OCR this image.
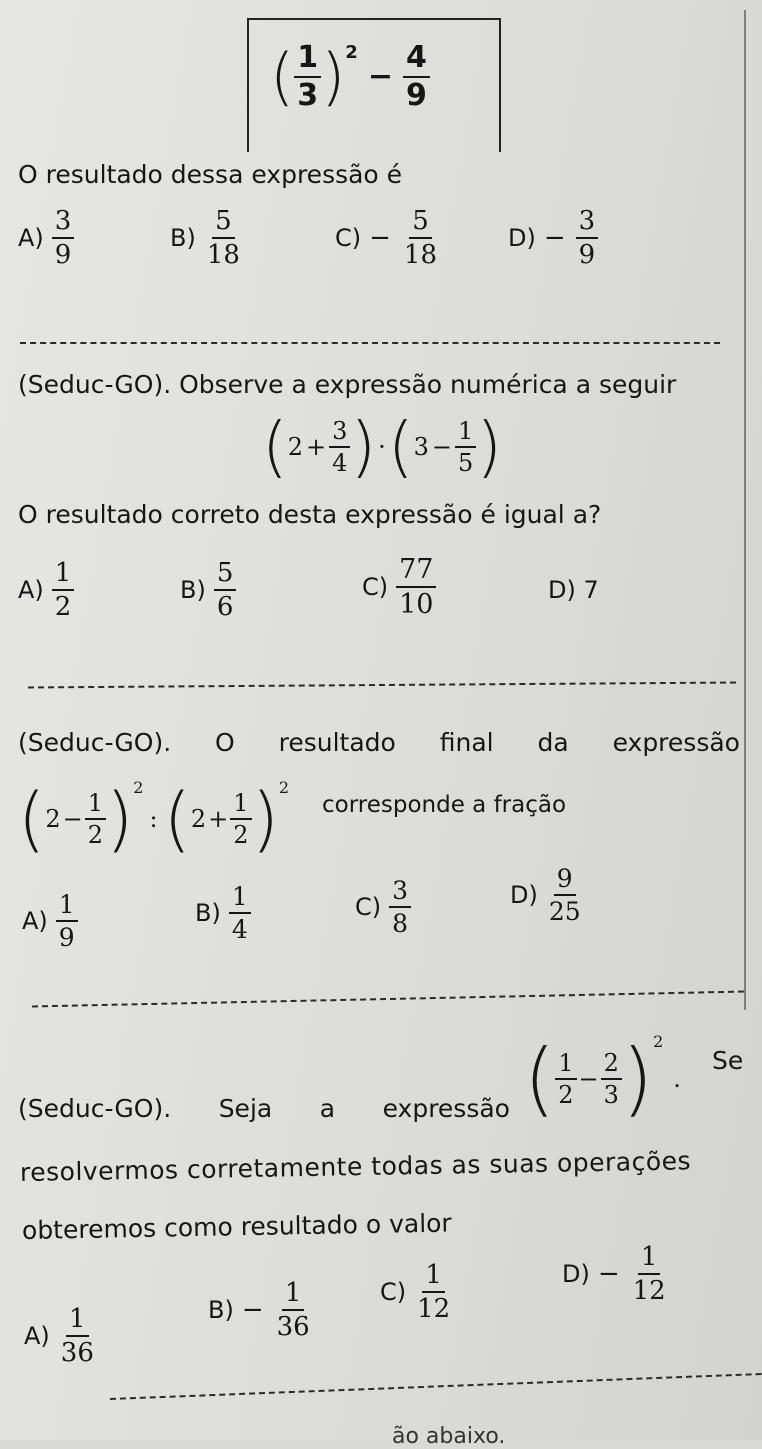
( $\frac{1}{3} )^2$
− $\frac{4}{9}$
O resultado dessa expressão é
$A) \frac{3}{9}$	$B) \frac{5}{18}$	$C) - \frac{5}{18}$	$D) - \frac{3}{9}$
(Seduc-GO). Observe a expressão numérica a seguir
( $2 + \frac{3}{4}$ ) · ( $3 - \frac{1}{5}$ )
O resultado correto desta expressão é igual a?
$A) \frac{1}{2}$	$B) \frac{5}{6}$	$C) \frac{77}{10}$	D) 7
(Seduc-GO). O resultado final da expressão
( $2 - \frac{1}{2} )^2$
: ( $2 + \frac{1}{2} )^2$
corresponde a fração
$A) \frac{1}{9}$	$B) \frac{1}{4}$	$C) \frac{3}{8}$	$D) \frac{9}{25}$
(Seduc-GO). Seja a expressão ( $\frac{1}{2} - \frac{2}{3} )^2$
.
Se
resolvermos corretamente todas as suas operações
obteremos como resultado o valor
$A) \frac{1}{36}$	$B) - \frac{1}{36}$	$C) \frac{1}{12}$	$D) - \frac{1}{12}$
ão abaixo.
